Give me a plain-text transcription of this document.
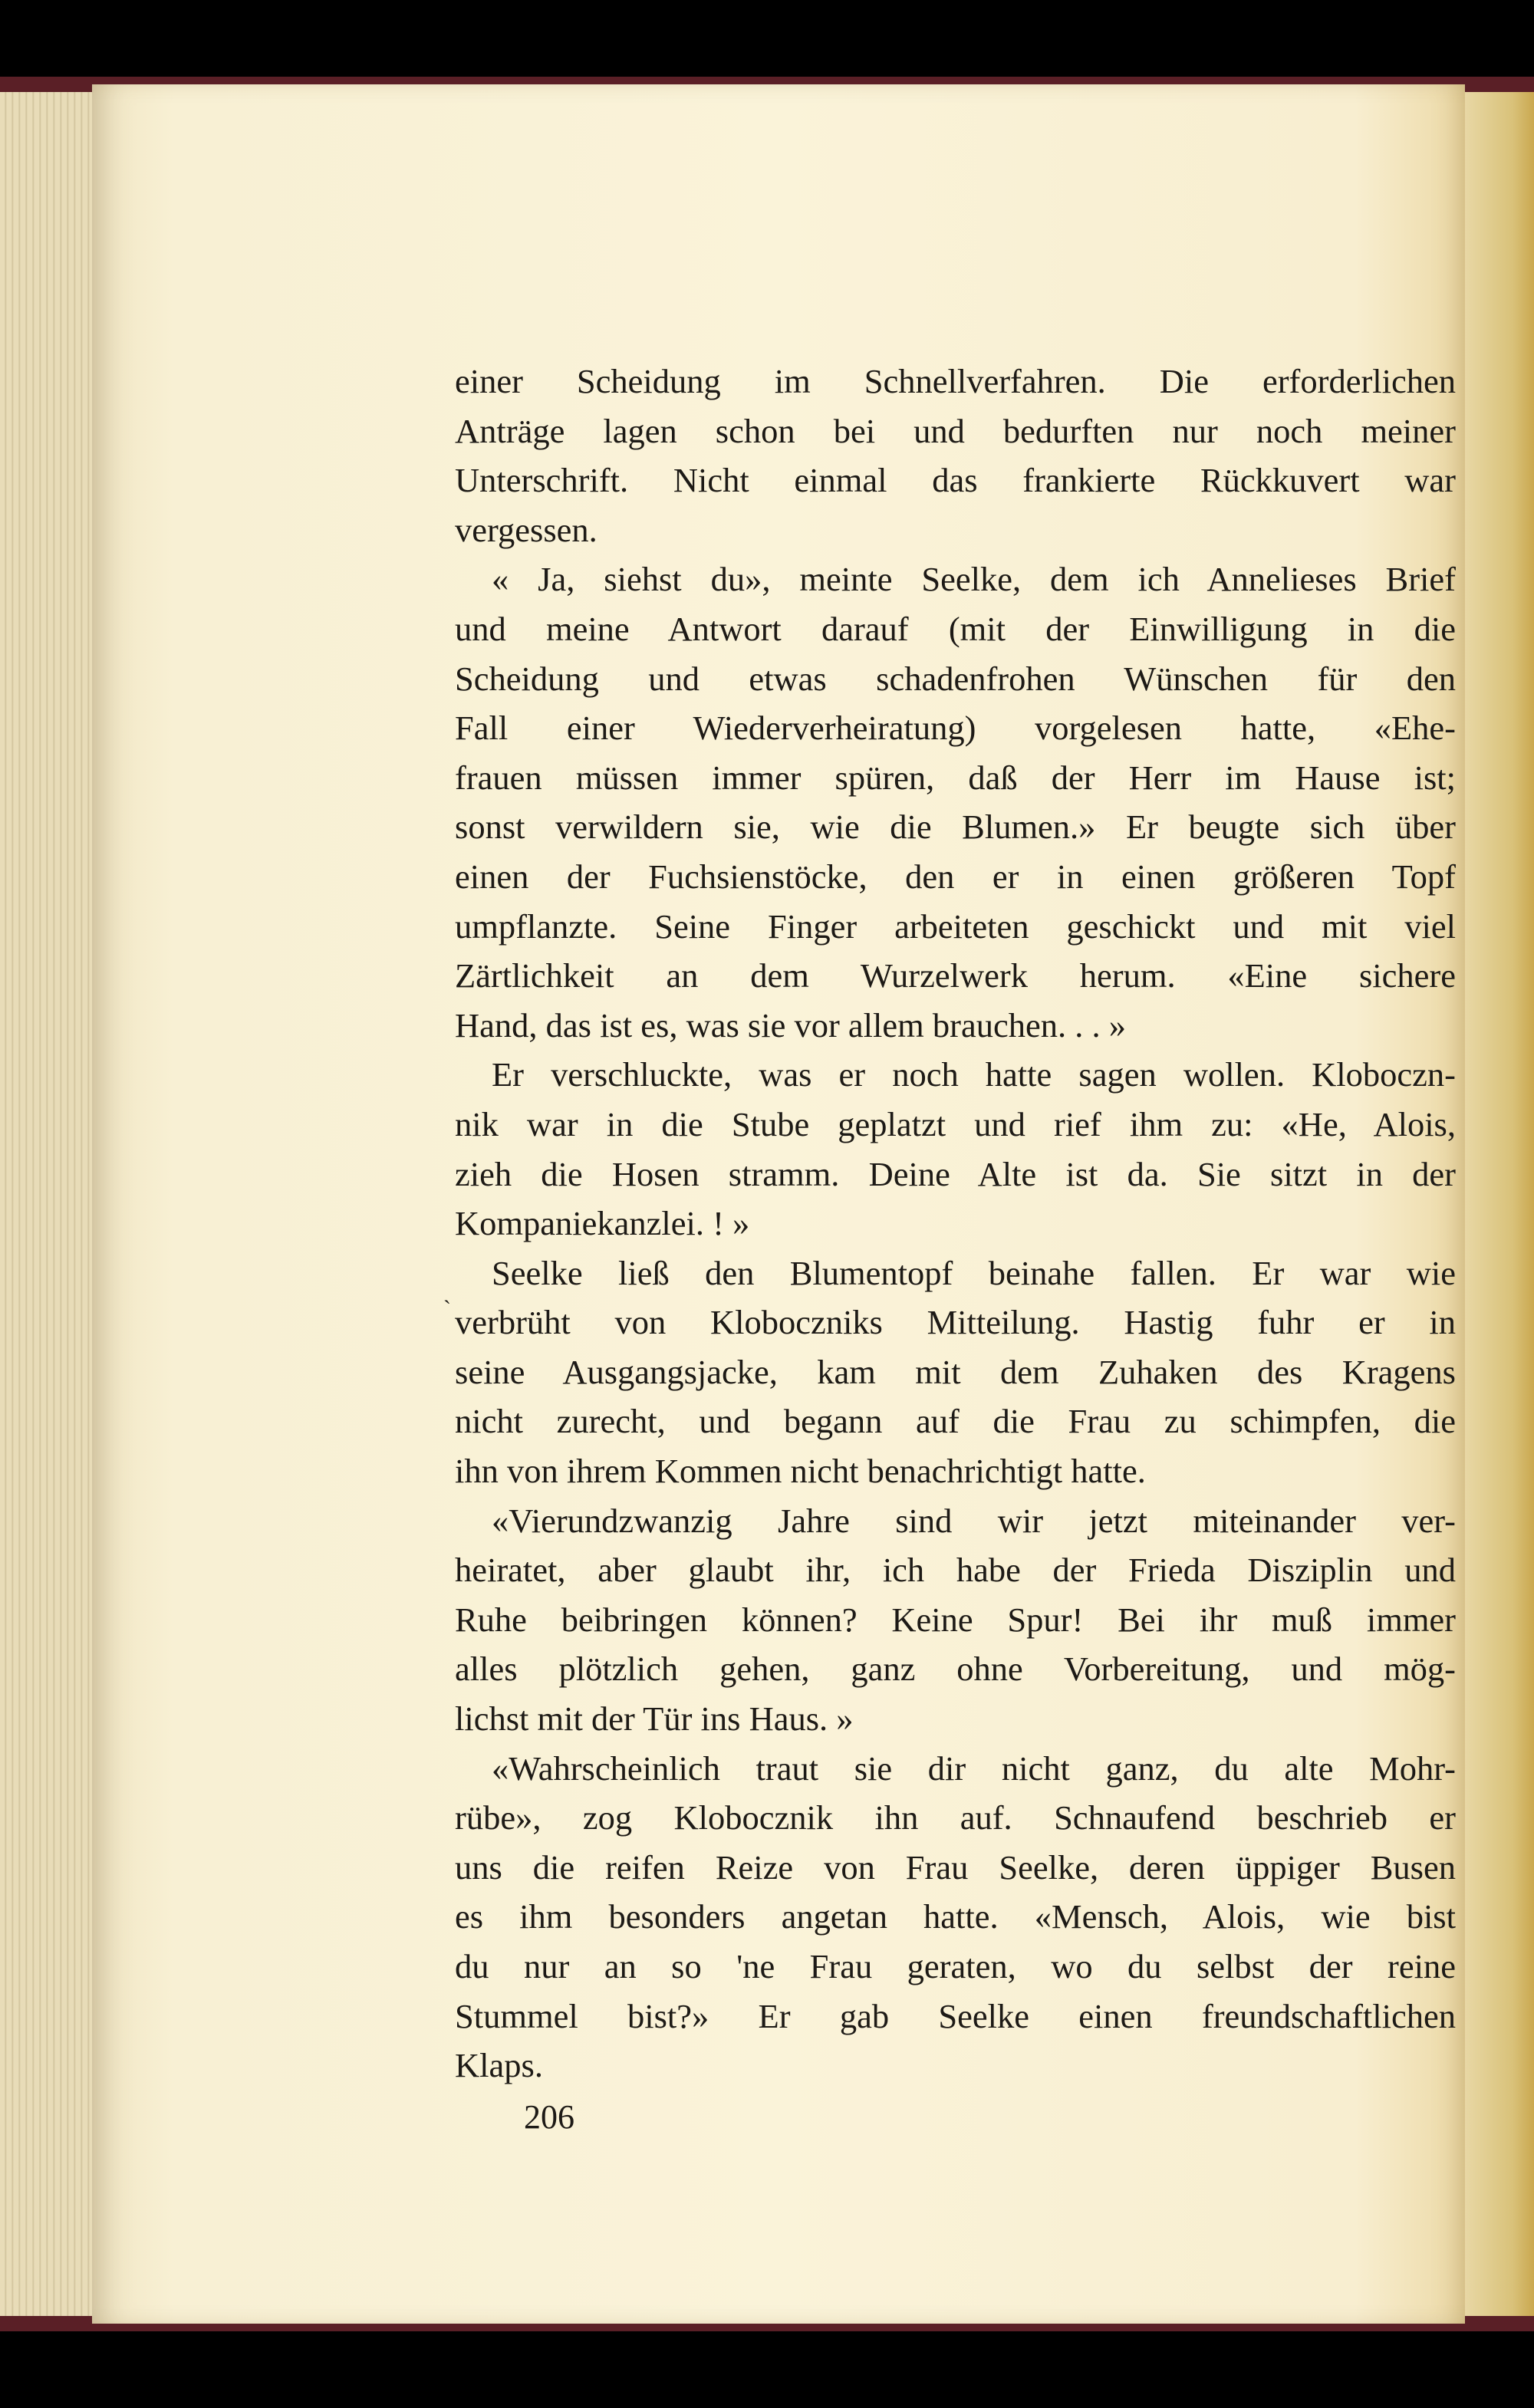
einer Scheidung im Schnellverfahren. Die erforderlichen
Anträge lagen schon bei und bedurften nur noch meiner
Unterschrift. Nicht einmal das frankierte Rückkuvert war
vergessen.
« Ja, siehst du», meinte Seelke, dem ich Annelieses Brief
und meine Antwort darauf (mit der Einwilligung in die
Scheidung und etwas schadenfrohen Wünschen für den
Fall einer Wiederverheiratung) vorgelesen hatte, «Ehe-
frauen müssen immer spüren, daß der Herr im Hause ist;
sonst verwildern sie, wie die Blumen.» Er beugte sich über
einen der Fuchsienstöcke, den er in einen größeren Topf
umpflanzte. Seine Finger arbeiteten geschickt und mit viel
Zärtlichkeit an dem Wurzelwerk herum. «Eine sichere
Hand, das ist es, was sie vor allem brauchen. . . »
Er verschluckte, was er noch hatte sagen wollen. Kloboczn-
nik war in die Stube geplatzt und rief ihm zu: «He, Alois,
zieh die Hosen stramm. Deine Alte ist da. Sie sitzt in der
Kompaniekanzlei. ! »
Seelke ließ den Blumentopf beinahe fallen. Er war wie
verbrüht von Kloboczniks Mitteilung. Hastig fuhr er in
seine Ausgangsjacke, kam mit dem Zuhaken des Kragens
nicht zurecht, und begann auf die Frau zu schimpfen, die
ihn von ihrem Kommen nicht benachrichtigt hatte.
«Vierundzwanzig Jahre sind wir jetzt miteinander ver-
heiratet, aber glaubt ihr, ich habe der Frieda Disziplin und
Ruhe beibringen können? Keine Spur! Bei ihr muß immer
alles plötzlich gehen, ganz ohne Vorbereitung, und mög-
lichst mit der Tür ins Haus. »
«Wahrscheinlich traut sie dir nicht ganz, du alte Mohr-
rübe», zog Klobocznik ihn auf. Schnaufend beschrieb er
uns die reifen Reize von Frau Seelke, deren üppiger Busen
es ihm besonders angetan hatte. «Mensch, Alois, wie bist
du nur an so 'ne Frau geraten, wo du selbst der reine
Stummel bist?» Er gab Seelke einen freundschaftlichen
Klaps.
`
206
